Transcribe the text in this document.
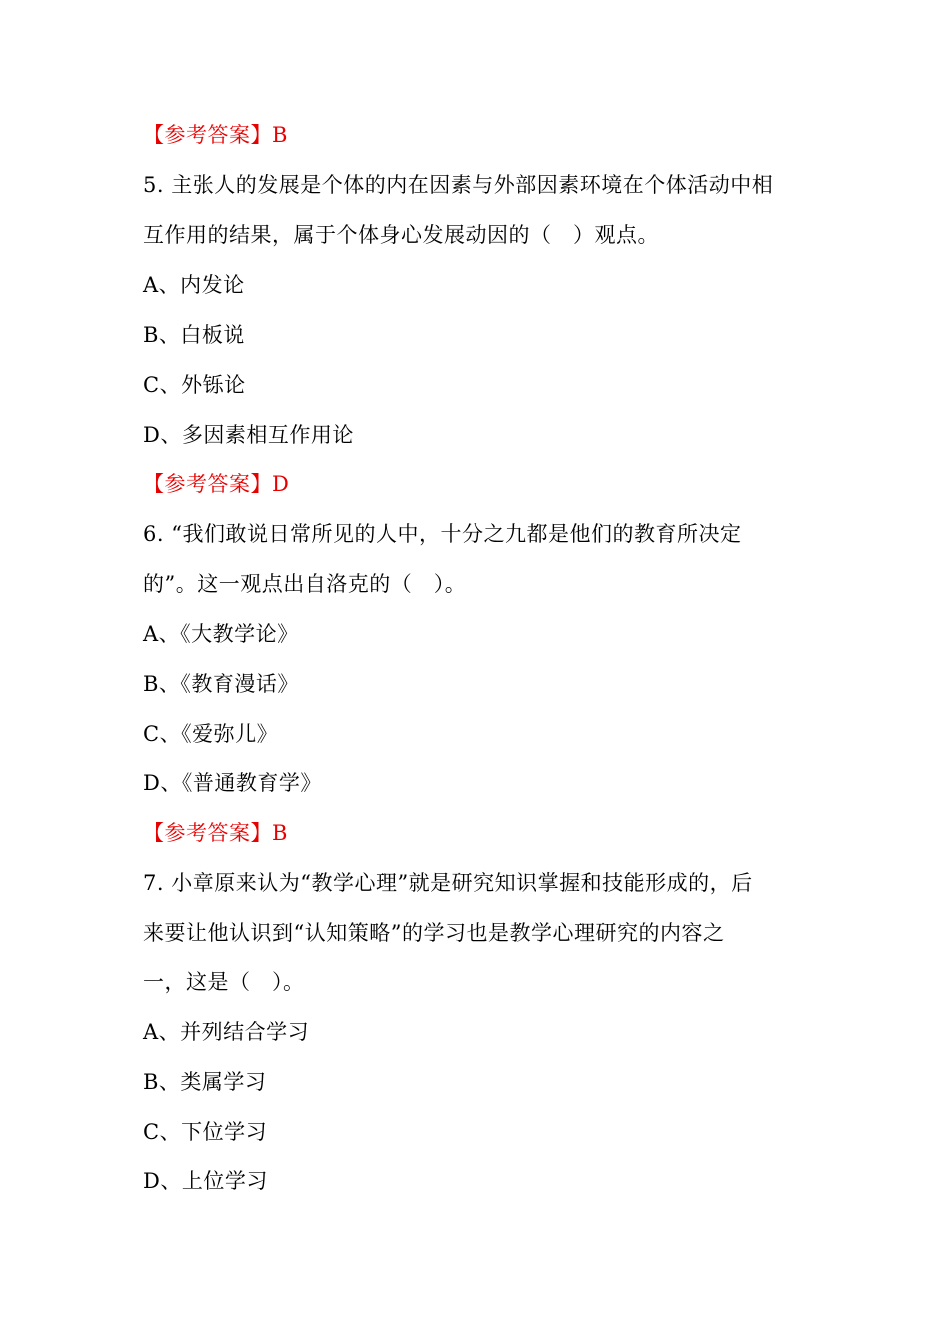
【参考答案】B
5. 主张人的发展是个体的内在因素与外部因素环境在个体活动中相
互作用的结果，属于个体身心发展动因的（　）观点。
A、内发论
B、白板说
C、外铄论
D、多因素相互作用论
【参考答案】D
6. “我们敢说日常所见的人中，十分之九都是他们的教育所决定
的”。这一观点出自洛克的（　）。
A、《大教学论》
B、《教育漫话》
C、《爱弥儿》
D、《普通教育学》
【参考答案】B
7. 小章原来认为“教学心理”就是研究知识掌握和技能形成的，后
来要让他认识到“认知策略”的学习也是教学心理研究的内容之
一，这是（　）。
A、并列结合学习
B、类属学习
C、下位学习
D、上位学习
